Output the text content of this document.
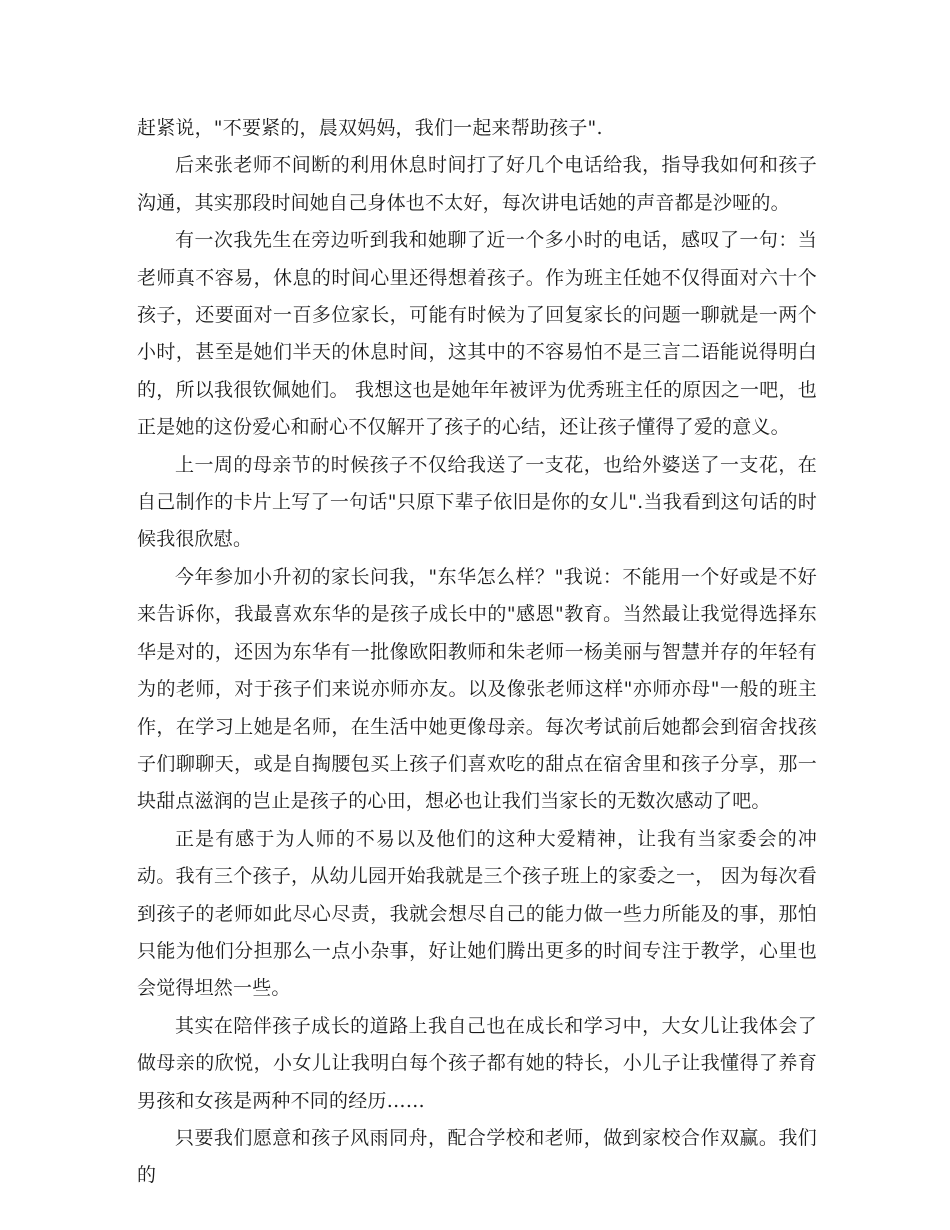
赶紧说，"不要紧的，晨双妈妈，我们一起来帮助孩子".

后来张老师不间断的利用休息时间打了好几个电话给我，指导我如何和孩子沟通，其实那段时间她自己身体也不太好，每次讲电话她的声音都是沙哑的。

有一次我先生在旁边听到我和她聊了近一个多小时的电话，感叹了一句：当老师真不容易，休息的时间心里还得想着孩子。作为班主任她不仅得面对六十个孩子，还要面对一百多位家长，可能有时候为了回复家长的问题一聊就是一两个小时，甚至是她们半天的休息时间，这其中的不容易怕不是三言二语能说得明白的，所以我很钦佩她们。 我想这也是她年年被评为优秀班主任的原因之一吧，也正是她的这份爱心和耐心不仅解开了孩子的心结，还让孩子懂得了爱的意义。

上一周的母亲节的时候孩子不仅给我送了一支花，也给外婆送了一支花，在自己制作的卡片上写了一句话"只原下辈子依旧是你的女儿".当我看到这句话的时候我很欣慰。

今年参加小升初的家长问我，"东华怎么样？"我说：不能用一个好或是不好来告诉你，我最喜欢东华的是孩子成长中的"感恩"教育。当然最让我觉得选择东华是对的，还因为东华有一批像欧阳教师和朱老师一杨美丽与智慧并存的年轻有为的老师，对于孩子们来说亦师亦友。以及像张老师这样"亦师亦母"一般的班主作，在学习上她是名师，在生活中她更像母亲。每次考试前后她都会到宿舍找孩子们聊聊天，或是自掏腰包买上孩子们喜欢吃的甜点在宿舍里和孩子分享，那一块甜点滋润的岂止是孩子的心田，想必也让我们当家长的无数次感动了吧。

正是有感于为人师的不易以及他们的这种大爱精神，让我有当家委会的冲动。我有三个孩子，从幼儿园开始我就是三个孩子班上的家委之一， 因为每次看到孩子的老师如此尽心尽责，我就会想尽自己的能力做一些力所能及的事，那怕只能为他们分担那么一点小杂事，好让她们腾出更多的时间专注于教学，心里也会觉得坦然一些。

其实在陪伴孩子成长的道路上我自己也在成长和学习中，大女儿让我体会了做母亲的欣悦，小女儿让我明白每个孩子都有她的特长，小儿子让我懂得了养育男孩和女孩是两种不同的经历……

只要我们愿意和孩子风雨同舟，配合学校和老师，做到家校合作双赢。我们的
